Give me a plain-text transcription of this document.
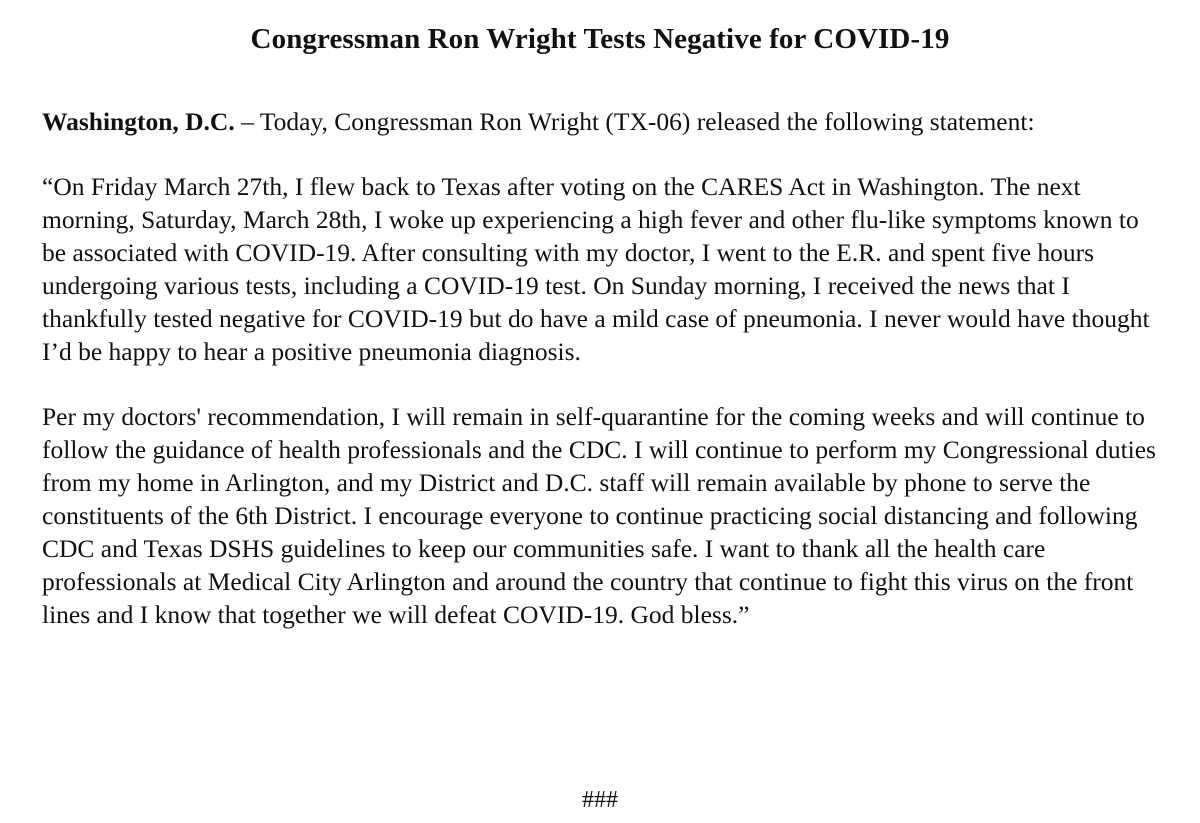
Congressman Ron Wright Tests Negative for COVID-19

Washington, D.C. – Today, Congressman Ron Wright (TX-06) released the following statement:

“On Friday March 27th, I flew back to Texas after voting on the CARES Act in Washington. The next morning, Saturday, March 28th, I woke up experiencing a high fever and other flu-like symptoms known to be associated with COVID-19. After consulting with my doctor, I went to the E.R. and spent five hours undergoing various tests, including a COVID-19 test. On Sunday morning, I received the news that I thankfully tested negative for COVID-19 but do have a mild case of pneumonia. I never would have thought I’d be happy to hear a positive pneumonia diagnosis.

Per my doctors' recommendation, I will remain in self-quarantine for the coming weeks and will continue to follow the guidance of health professionals and the CDC. I will continue to perform my Congressional duties from my home in Arlington, and my District and D.C. staff will remain available by phone to serve the constituents of the 6th District. I encourage everyone to continue practicing social distancing and following CDC and Texas DSHS guidelines to keep our communities safe. I want to thank all the health care professionals at Medical City Arlington and around the country that continue to fight this virus on the front lines and I know that together we will defeat COVID-19. God bless.”

###
